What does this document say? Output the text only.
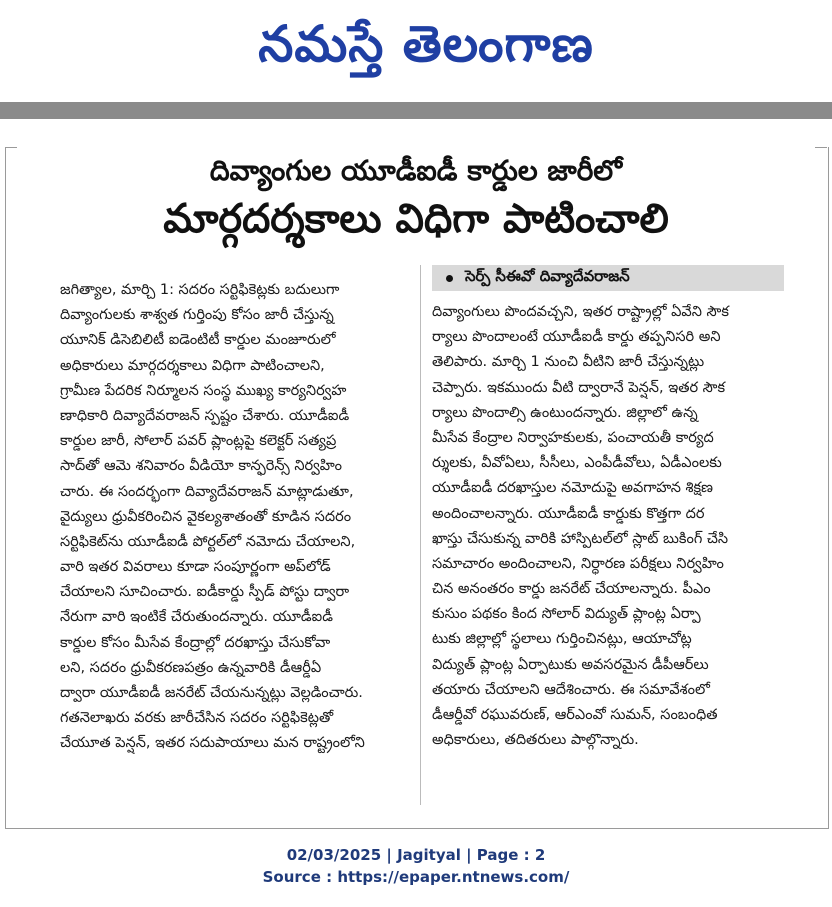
నమస్తే తెలంగాణ
దివ్యాంగుల యూడీఐడీ కార్డుల జారీలో
మార్గదర్శకాలు విధిగా పాటించాలి
జగిత్యాల, మార్చి 1: సదరం సర్టిఫికెట్లకు బదులుగా
దివ్యాంగులకు శాశ్వత గుర్తింపు కోసం జారీ చేస్తున్న
యూనిక్ డిసెబిలిటీ ఐడెంటిటీ కార్డుల మంజూరులో
అధికారులు మార్గదర్శకాలు విధిగా పాటించాలని,
గ్రామీణ పేదరిక నిర్మూలన సంస్థ ముఖ్య కార్యనిర్వహ
ణాధికారి దివ్యాదేవరాజన్ స్పష్టం చేశారు. యూడీఐడీ
కార్డుల జారీ, సోలార్ పవర్ ప్లాంట్లపై కలెక్టర్ సత్యప్ర
సాద్‌తో ఆమె శనివారం వీడియో కాన్ఫరెన్స్ నిర్వహిం
చారు. ఈ సందర్భంగా దివ్యాదేవరాజన్ మాట్లాడుతూ,
వైద్యులు ధ్రువీకరించిన వైకల్యశాతంతో కూడిన సదరం
సర్టిఫికెట్‌ను యూడీఐడీ పోర్టల్‌లో నమోదు చేయాలని,
వారి ఇతర వివరాలు కూడా సంపూర్ణంగా అప్‌లోడ్
చేయాలని సూచించారు. ఐడీకార్డు స్పీడ్ పోస్టు ద్వారా
నేరుగా వారి ఇంటికే చేరుతుందన్నారు. యూడీఐడీ
కార్డుల కోసం మీసేవ కేంద్రాల్లో దరఖాస్తు చేసుకోవా
లని, సదరం ధ్రువీకరణపత్రం ఉన్నవారికి డీఆర్డీఏ
ద్వారా యూడీఐడీ జనరేట్ చేయనున్నట్లు వెల్లడించారు.
గతనెలాఖరు వరకు జారీచేసిన సదరం సర్టిఫికెట్లతో
చేయూత పెన్షన్, ఇతర సదుపాయాలు మన రాష్ట్రంలోని
సెర్ప్ సీఈవో దివ్యాదేవరాజన్
దివ్యాంగులు పొందవచ్చని, ఇతర రాష్ట్రాల్లో ఏవేని సౌక
ర్యాలు పొందాలంటే యూడీఐడీ కార్డు తప్పనిసరి అని
తెలిపారు. మార్చి 1 నుంచి వీటిని జారీ చేస్తున్నట్లు
చెప్పారు. ఇకముందు వీటి ద్వారానే పెన్షన్, ఇతర సౌక
ర్యాలు పొందాల్సి ఉంటుందన్నారు. జిల్లాలో ఉన్న
మీసేవ కేంద్రాల నిర్వాహకులకు, పంచాయతీ కార్యద
ర్శులకు, వీవోఏలు, సీసీలు, ఎంపీడీవోలు, ఏడీఎంలకు
యూడీఐడీ దరఖాస్తుల నమోదుపై అవగాహన శిక్షణ
అందించాలన్నారు. యూడీఐడీ కార్డుకు కొత్తగా దర
ఖాస్తు చేసుకున్న వారికి హాస్పిటల్‌లో స్లాట్ బుకింగ్ చేసి
సమాచారం అందించాలని, నిర్ధారణ పరీక్షలు నిర్వహిం
చిన అనంతరం కార్డు జనరేట్ చేయాలన్నారు. పీఎం
కుసుం పథకం కింద సోలార్ విద్యుత్ ప్లాంట్ల ఏర్పా
టుకు జిల్లాల్లో స్థలాలు గుర్తించినట్లు, ఆయాచోట్ల
విద్యుత్ ప్లాంట్ల ఏర్పాటుకు అవసరమైన డీపీఆర్‌లు
తయారు చేయాలని ఆదేశించారు. ఈ సమావేశంలో
డీఆర్డీవో రఘువరుణ్, ఆర్ఎంవో సుమన్, సంబంధిత
అధికారులు, తదితరులు పాల్గొన్నారు.
02/03/2025 | Jagityal | Page : 2
Source : https://epaper.ntnews.com/
